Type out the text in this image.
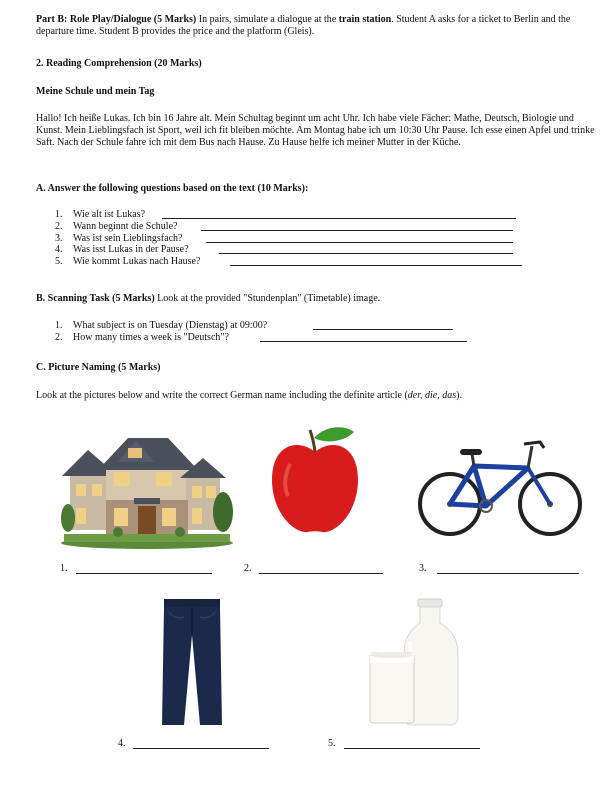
Part B: Role Play/Dialogue (5 Marks) In pairs, simulate a dialogue at the train station. Student A asks for a ticket to Berlin and the departure time. Student B provides the price and the platform (Gleis).
2. Reading Comprehension (20 Marks)
Meine Schule und mein Tag
Hallo! Ich heiße Lukas. Ich bin 16 Jahre alt. Mein Schultag beginnt um acht Uhr. Ich habe viele Fächer: Mathe, Deutsch, Biologie und Kunst. Mein Lieblingsfach ist Sport, weil ich fit bleiben möchte. Am Montag habe ich um 10:30 Uhr Pause. Ich esse einen Apfel und trinke Saft. Nach der Schule fahre ich mit dem Bus nach Hause. Zu Hause helfe ich meiner Mutter in der Küche.
A. Answer the following questions based on the text (10 Marks):
1. Wie alt ist Lukas?
2. Wann beginnt die Schule?
3. Was ist sein Lieblingsfach?
4. Was isst Lukas in der Pause?
5. Wie kommt Lukas nach Hause?
B. Scanning Task (5 Marks) Look at the provided "Stundenplan" (Timetable) image.
1. What subject is on Tuesday (Dienstag) at 09:00?
2. How many times a week is "Deutsch"?
C. Picture Naming (5 Marks)
Look at the pictures below and write the correct German name including the definite article (der, die, das).
1.	2.	3.
4.	5.
